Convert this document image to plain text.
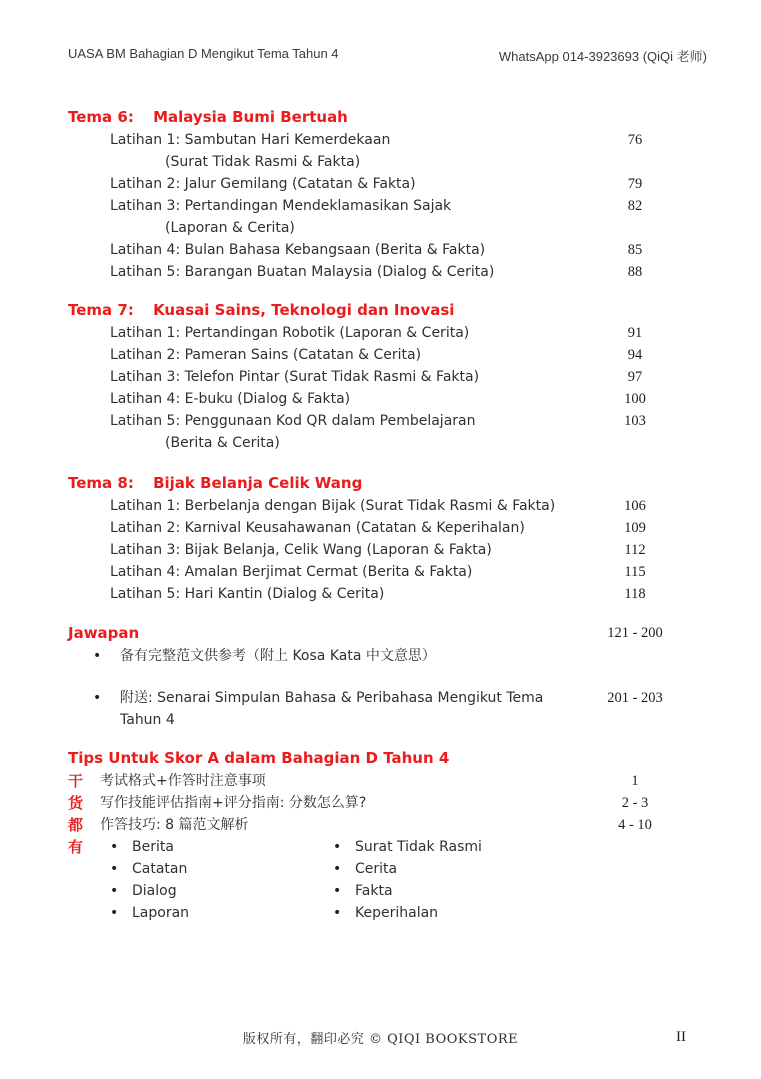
UASA BM Bahagian D Mengikut Tema Tahun 4	WhatsApp 014-3923693 (QiQi 老师)
Tema 6: Malaysia Bumi Bertuah
Latihan 1: Sambutan Hari Kemerdekaan	76
(Surat Tidak Rasmi & Fakta)
Latihan 2: Jalur Gemilang (Catatan & Fakta)	79
Latihan 3: Pertandingan Mendeklamasikan Sajak	82
(Laporan & Cerita)
Latihan 4: Bulan Bahasa Kebangsaan (Berita & Fakta)	85
Latihan 5: Barangan Buatan Malaysia (Dialog & Cerita)	88
Tema 7: Kuasai Sains, Teknologi dan Inovasi
Latihan 1: Pertandingan Robotik (Laporan & Cerita)	91
Latihan 2: Pameran Sains (Catatan & Cerita)	94
Latihan 3: Telefon Pintar (Surat Tidak Rasmi & Fakta)	97
Latihan 4: E-buku (Dialog & Fakta)	100
Latihan 5: Penggunaan Kod QR dalam Pembelajaran	103
(Berita & Cerita)
Tema 8: Bijak Belanja Celik Wang
Latihan 1: Berbelanja dengan Bijak (Surat Tidak Rasmi & Fakta)	106
Latihan 2: Karnival Keusahawanan (Catatan & Keperihalan)	109
Latihan 3: Bijak Belanja, Celik Wang (Laporan & Fakta)	112
Latihan 4: Amalan Berjimat Cermat (Berita & Fakta)	115
Latihan 5: Hari Kantin (Dialog & Cerita)	118
Jawapan	121 - 200
•	备有完整范文供参考（附上 Kosa Kata 中文意思）
•	附送: Senarai Simpulan Bahasa & Peribahasa Mengikut Tema	201 - 203
Tahun 4
Tips Untuk Skor A dalam Bahagian D Tahun 4
干
货
都
有
考试格式+作答时注意事项	1
写作技能评估指南+评分指南: 分数怎么算?	2 - 3
作答技巧: 8 篇范文解析	4 - 10
• Berita
• Catatan
• Dialog
• Laporan
• Surat Tidak Rasmi
• Cerita
• Fakta
• Keperihalan
版权所有，翻印必究 © QIQI BOOKSTORE	II
